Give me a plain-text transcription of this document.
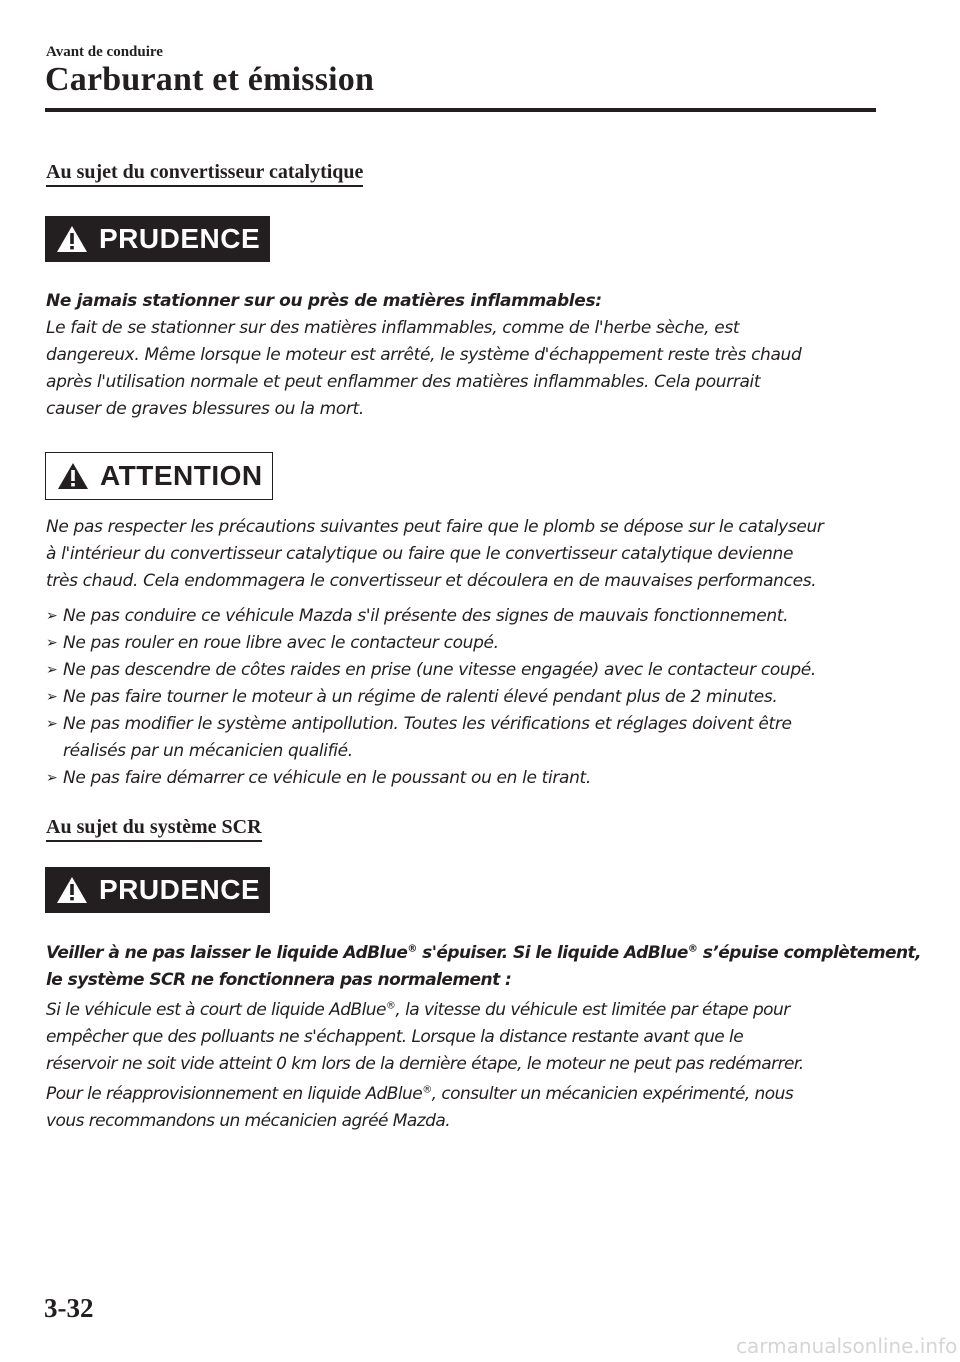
Avant de conduire
Carburant et émission
Au sujet du convertisseur catalytique
PRUDENCE
Ne jamais stationner sur ou près de matières inflammables:
Le fait de se stationner sur des matières inflammables, comme de l'herbe sèche, est
dangereux. Même lorsque le moteur est arrêté, le système d'échappement reste très chaud
après l'utilisation normale et peut enflammer des matières inflammables. Cela pourrait
causer de graves blessures ou la mort.
ATTENTION
Ne pas respecter les précautions suivantes peut faire que le plomb se dépose sur le catalyseur
à l'intérieur du convertisseur catalytique ou faire que le convertisseur catalytique devienne
très chaud. Cela endommagera le convertisseur et découlera en de mauvaises performances.
➢ Ne pas conduire ce véhicule Mazda s'il présente des signes de mauvais fonctionnement.
➢ Ne pas rouler en roue libre avec le contacteur coupé.
➢ Ne pas descendre de côtes raides en prise (une vitesse engagée) avec le contacteur coupé.
➢ Ne pas faire tourner le moteur à un régime de ralenti élevé pendant plus de 2 minutes.
➢ Ne pas modifier le système antipollution. Toutes les vérifications et réglages doivent être
réalisés par un mécanicien qualifié.
➢ Ne pas faire démarrer ce véhicule en le poussant ou en le tirant.
Au sujet du système SCR
PRUDENCE
Veiller à ne pas laisser le liquide AdBlue® s'épuiser. Si le liquide AdBlue® s’épuise complètement,
le système SCR ne fonctionnera pas normalement :
Si le véhicule est à court de liquide AdBlue®, la vitesse du véhicule est limitée par étape pour
empêcher que des polluants ne s'échappent. Lorsque la distance restante avant que le
réservoir ne soit vide atteint 0 km lors de la dernière étape, le moteur ne peut pas redémarrer.
Pour le réapprovisionnement en liquide AdBlue®, consulter un mécanicien expérimenté, nous
vous recommandons un mécanicien agréé Mazda.
3-32
carmanualsonline.info
